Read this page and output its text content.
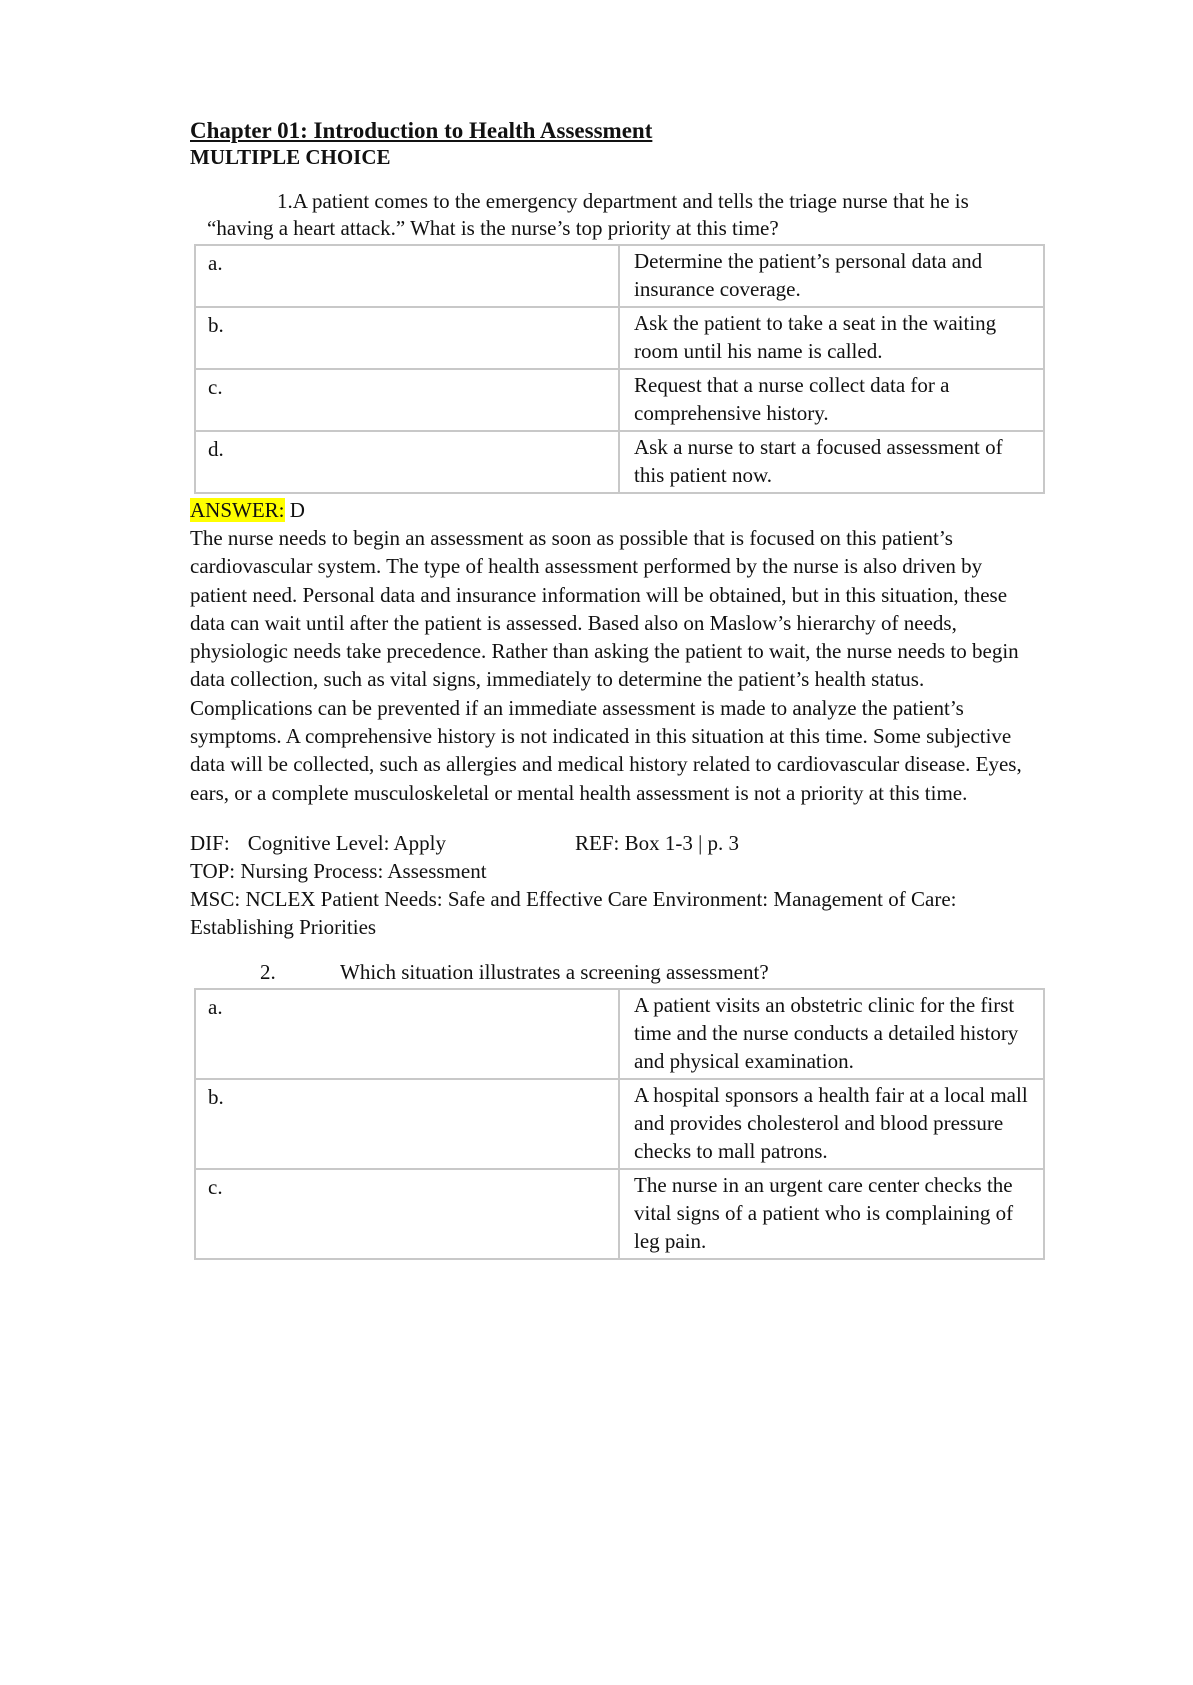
Chapter 01: Introduction to Health Assessment
MULTIPLE CHOICE

1.A patient comes to the emergency department and tells the triage nurse that he is “having a heart attack.” What is the nurse’s top priority at this time?

a.	Determine the patient’s personal data and insurance coverage.
b.	Ask the patient to take a seat in the waiting room until his name is called.
c.	Request that a nurse collect data for a comprehensive history.
d.	Ask a nurse to start a focused assessment of this patient now.
ANSWER: D

The nurse needs to begin an assessment as soon as possible that is focused on this patient’s cardiovascular system. The type of health assessment performed by the nurse is also driven by patient need. Personal data and insurance information will be obtained, but in this situation, these data can wait until after the patient is assessed. Based also on Maslow’s hierarchy of needs, physiologic needs take precedence. Rather than asking the patient to wait, the nurse needs to begin data collection, such as vital signs, immediately to determine the patient’s health status. Complications can be prevented if an immediate assessment is made to analyze the patient’s symptoms. A comprehensive history is not indicated in this situation at this time. Some subjective data will be collected, such as allergies and medical history related to cardiovascular disease. Eyes, ears, or a complete musculoskeletal or mental health assessment is not a priority at this time.

DIF: Cognitive Level: Apply	REF: Box 1-3 | p. 3
TOP: Nursing Process: Assessment
MSC: NCLEX Patient Needs: Safe and Effective Care Environment: Management of Care: Establishing Priorities
2.	Which situation illustrates a screening assessment?
a.	A patient visits an obstetric clinic for the first time and the nurse conducts a detailed history and physical examination.
b.	A hospital sponsors a health fair at a local mall and provides cholesterol and blood pressure checks to mall patrons.
c.	The nurse in an urgent care center checks the vital signs of a patient who is complaining of leg pain.
